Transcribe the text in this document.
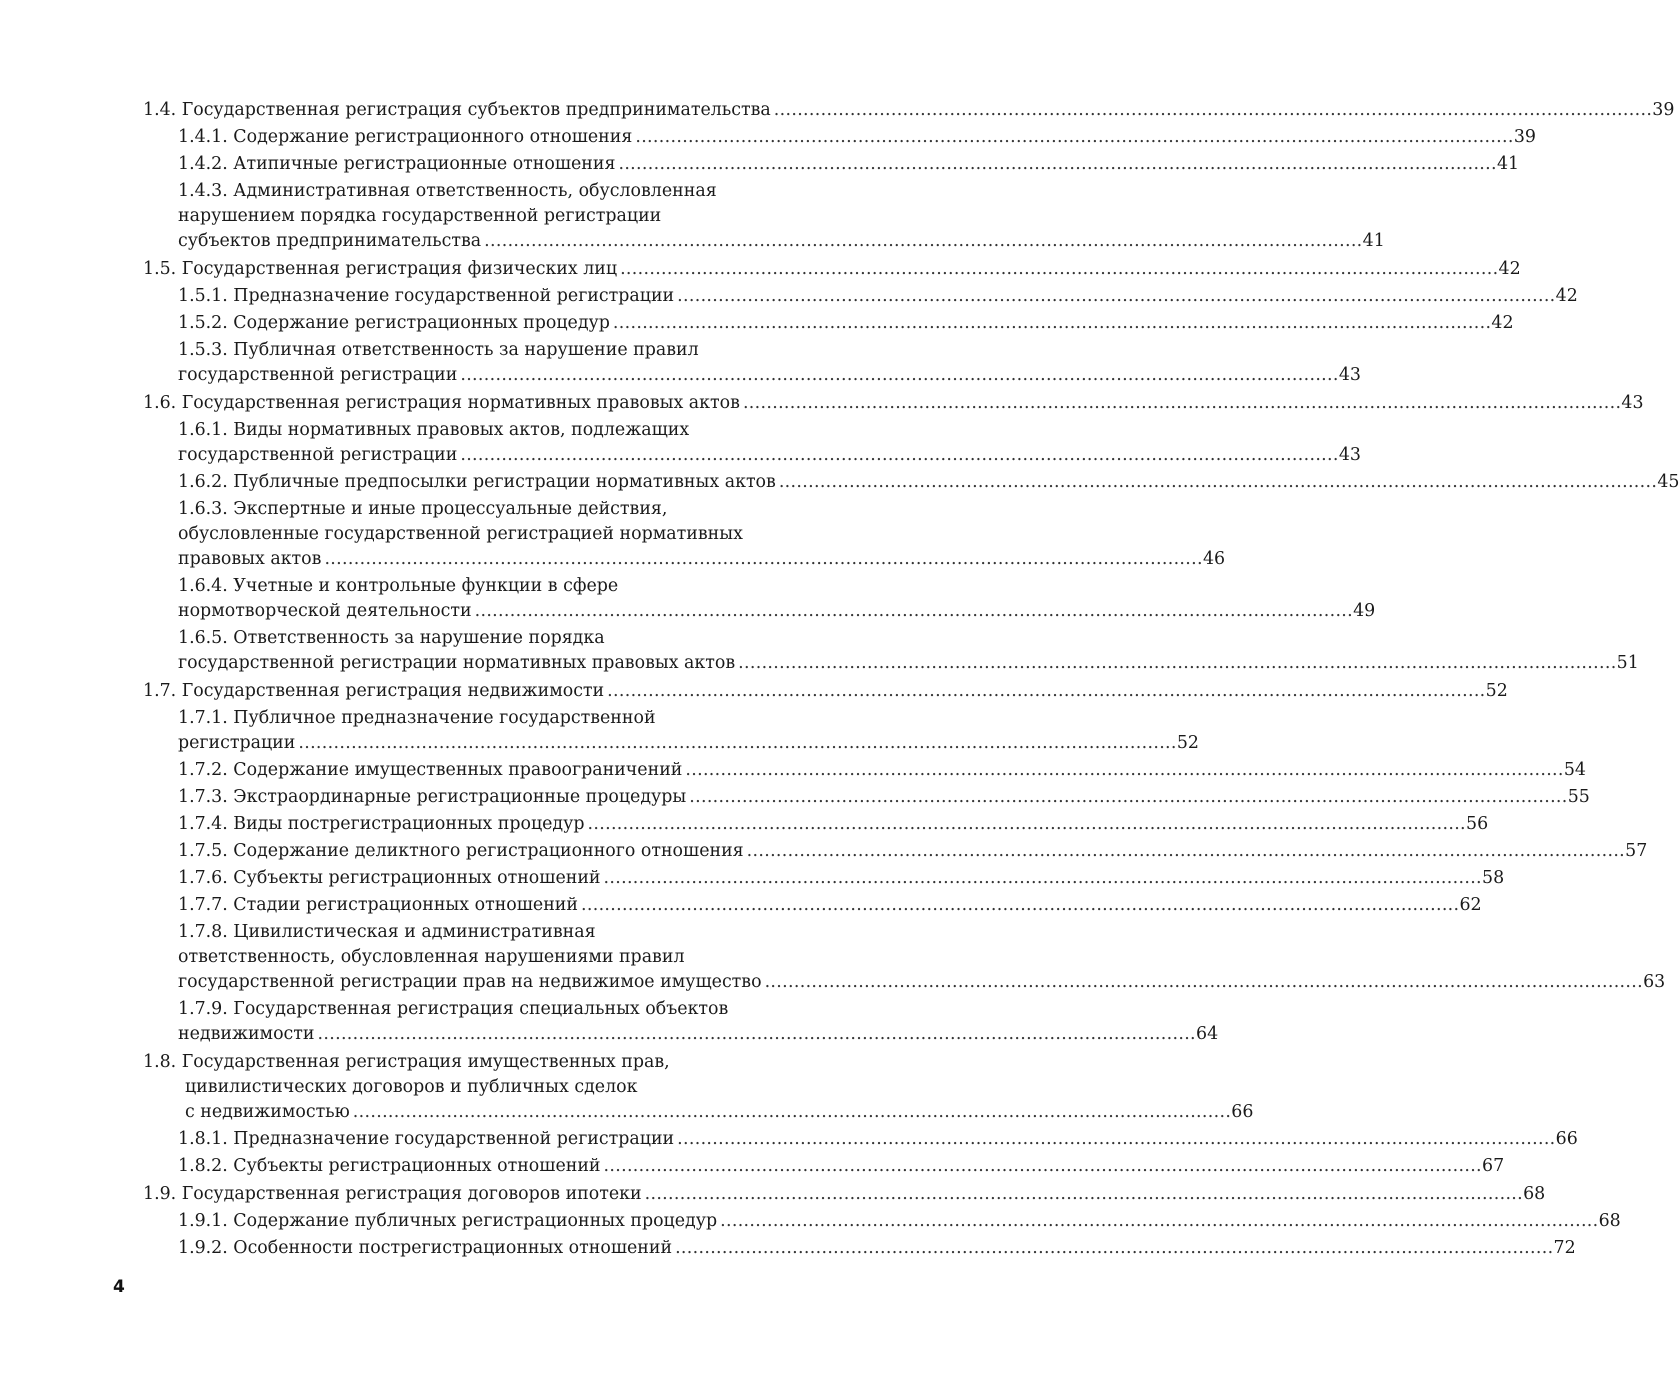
1.4. Государственная регистрация субъектов предпринимательства . . .	39
1.4.1. Содержание регистрационного отношения . . .	39
1.4.2. Атипичные регистрационные отношения . . .	41
1.4.3. Административная ответственность, обусловленная
нарушением порядка государственной регистрации
субъектов предпринимательства . . .	41
1.5. Государственная регистрация физических лиц . . .	42
1.5.1. Предназначение государственной регистрации . . .	42
1.5.2. Содержание регистрационных процедур . . .	42
1.5.3. Публичная ответственность за нарушение правил
государственной регистрации . . .	43
1.6. Государственная регистрация нормативных правовых актов . . .	43
1.6.1. Виды нормативных правовых актов, подлежащих
государственной регистрации . . .	43
1.6.2. Публичные предпосылки регистрации нормативных актов . . .	45
1.6.3. Экспертные и иные процессуальные действия,
обусловленные государственной регистрацией нормативных
правовых актов . . .	46
1.6.4. Учетные и контрольные функции в сфере
нормотворческой деятельности . . .	49
1.6.5. Ответственность за нарушение порядка
государственной регистрации нормативных правовых актов . . .	51
1.7. Государственная регистрация недвижимости . . .	52
1.7.1. Публичное предназначение государственной
регистрации . . .	52
1.7.2. Содержание имущественных правоограничений . . .	54
1.7.3. Экстраординарные регистрационные процедуры . . .	55
1.7.4. Виды пострегистрационных процедур . . .	56
1.7.5. Содержание деликтного регистрационного отношения . . .	57
1.7.6. Субъекты регистрационных отношений . . .	58
1.7.7. Стадии регистрационных отношений . . .	62
1.7.8. Цивилистическая и административная
ответственность, обусловленная нарушениями правил
государственной регистрации прав на недвижимое имущество . . .	63
1.7.9. Государственная регистрация специальных объектов
недвижимости . . .	64
1.8. Государственная регистрация имущественных прав,
цивилистических договоров и публичных сделок
с недвижимостью . . .	66
1.8.1. Предназначение государственной регистрации . . .	66
1.8.2. Субъекты регистрационных отношений . . .	67
1.9. Государственная регистрация договоров ипотеки . . .	68
1.9.1. Содержание публичных регистрационных процедур . . .	68
1.9.2. Особенности пострегистрационных отношений . . .	72
4
